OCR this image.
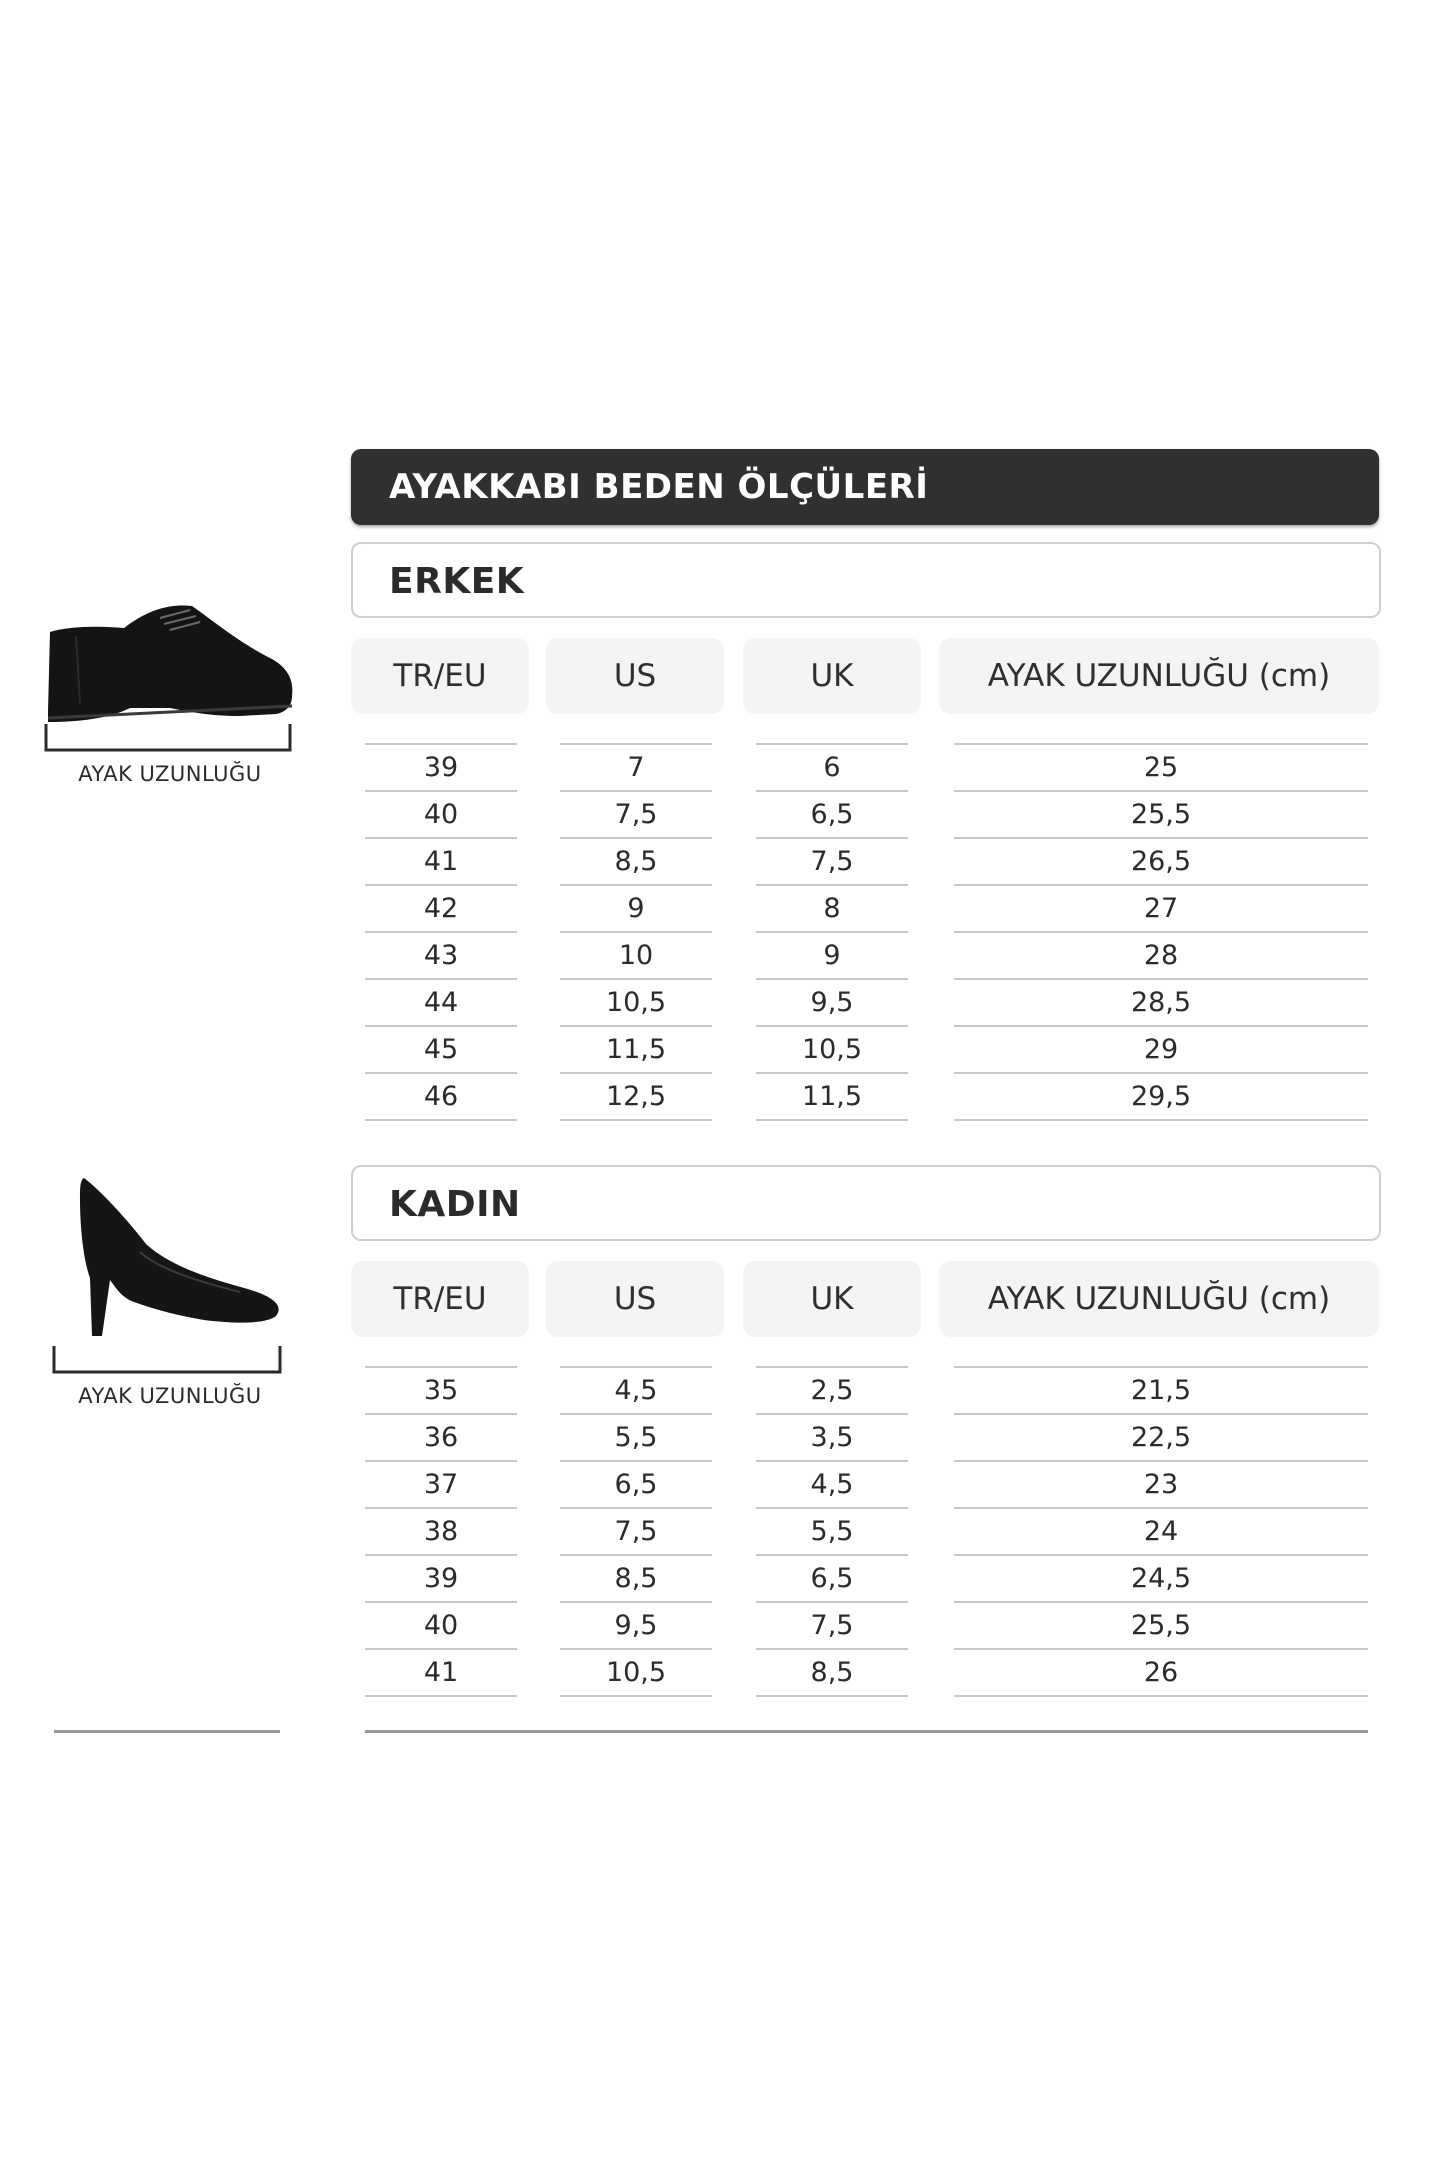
AYAKKABI BEDEN ÖLÇÜLERİ
AYAK UZUNLUĞU
AYAK UZUNLUĞU
ERKEK
TR/EU	US	UK	AYAK UZUNLUĞU (cm)
39	7	6	25
40	7,5	6,5	25,5
41	8,5	7,5	26,5
42	9	8	27
43	10	9	28
44	10,5	9,5	28,5
45	11,5	10,5	29
46	12,5	11,5	29,5
KADIN
TR/EU	US	UK	AYAK UZUNLUĞU (cm)
35	4,5	2,5	21,5
36	5,5	3,5	22,5
37	6,5	4,5	23
38	7,5	5,5	24
39	8,5	6,5	24,5
40	9,5	7,5	25,5
41	10,5	8,5	26
